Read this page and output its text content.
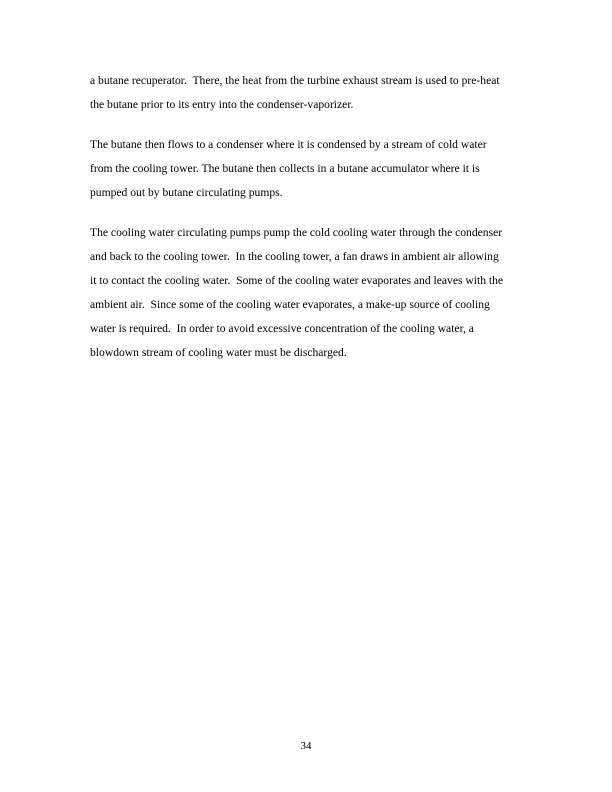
a butane recuperator.  There, the heat from the turbine exhaust stream is used to pre-heat
the butane prior to its entry into the condenser-vaporizer.
The butane then flows to a condenser where it is condensed by a stream of cold water
from the cooling tower. The butane then collects in a butane accumulator where it is
pumped out by butane circulating pumps.
The cooling water circulating pumps pump the cold cooling water through the condenser
and back to the cooling tower.  In the cooling tower, a fan draws in ambient air allowing
it to contact the cooling water.  Some of the cooling water evaporates and leaves with the
ambient air.  Since some of the cooling water evaporates, a make-up source of cooling
water is required.  In order to avoid excessive concentration of the cooling water, a
blowdown stream of cooling water must be discharged.
34
